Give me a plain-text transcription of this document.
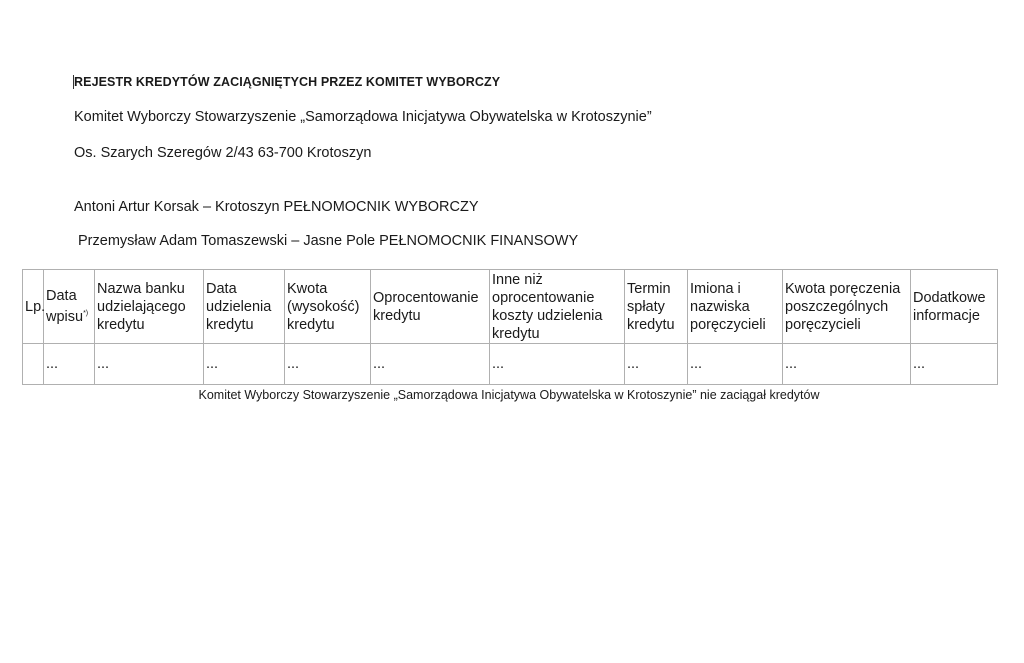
REJESTR KREDYTÓW ZACIĄGNIĘTYCH PRZEZ KOMITET WYBORCZY
Komitet Wyborczy Stowarzyszenie „Samorządowa Inicjatywa Obywatelska w Krotoszynie”
Os. Szarych Szeregów 2/43 63-700 Krotoszyn
Antoni Artur Korsak – Krotoszyn PEŁNOMOCNIK WYBORCZY
Przemysław Adam Tomaszewski – Jasne Pole PEŁNOMOCNIK FINANSOWY
Lp.	Data wpisu*)	Nazwa banku udzielającego kredytu	Data udzielenia kredytu	Kwota (wysokość) kredytu	Oprocentowanie kredytu	Inne niż oprocentowanie koszty udzielenia kredytu	Termin spłaty kredytu	Imiona i nazwiska poręczycieli	Kwota poręczenia poszczególnych poręczycieli	Dodatkowe informacje
	...	...	...	...	...	...	...	...	...	...
Komitet Wyborczy Stowarzyszenie „Samorządowa Inicjatywa Obywatelska w Krotoszynie” nie zaciągał kredytów
